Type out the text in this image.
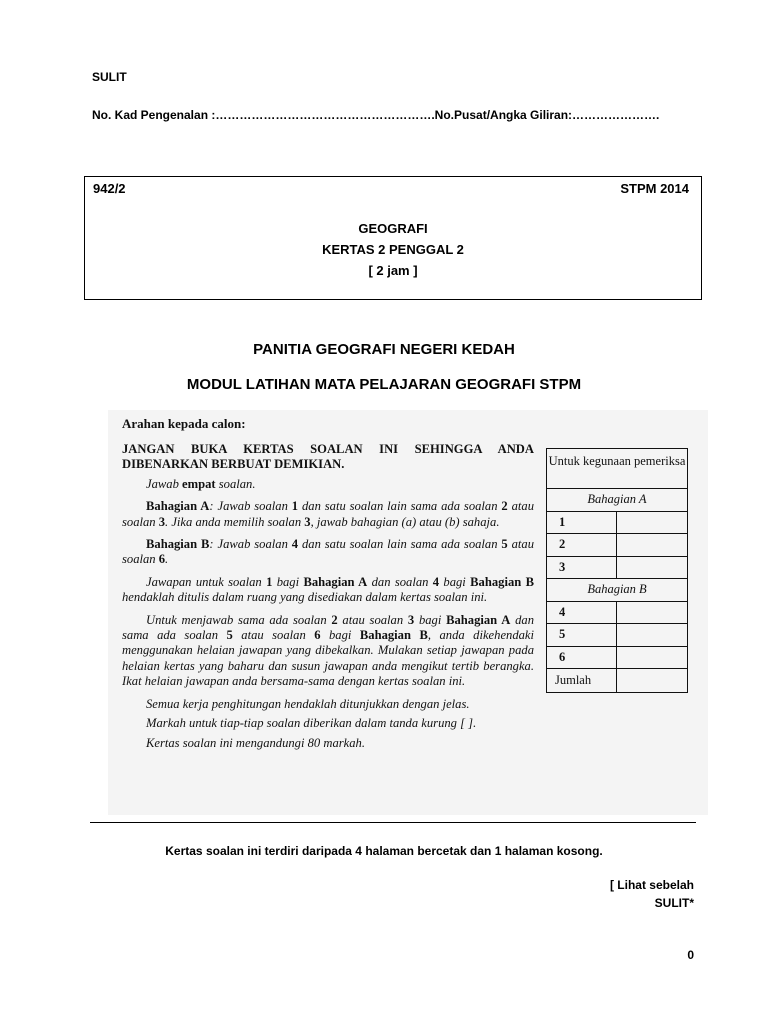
SULIT
No. Kad Pengenalan :……………………………………………….No.Pusat/Angka Giliran:………………….
942/2	STPM 2014
GEOGRAFI
KERTAS 2 PENGGAL 2
[ 2 jam ]
PANITIA GEOGRAFI NEGERI KEDAH
MODUL LATIHAN MATA PELAJARAN GEOGRAFI STPM
Arahan kepada calon:

JANGAN BUKA KERTAS SOALAN INI SEHINGGA ANDA DIBENARKAN BERBUAT DEMIKIAN.

Jawab empat soalan.

Bahagian A: Jawab soalan 1 dan satu soalan lain sama ada soalan 2 atau soalan 3. Jika anda memilih soalan 3, jawab bahagian (a) atau (b) sahaja.

Bahagian B: Jawab soalan 4 dan satu soalan lain sama ada soalan 5 atau soalan 6.

Jawapan untuk soalan 1 bagi Bahagian A dan soalan 4 bagi Bahagian B hendaklah ditulis dalam ruang yang disediakan dalam kertas soalan ini.

Untuk menjawab sama ada soalan 2 atau soalan 3 bagi Bahagian A dan sama ada soalan 5 atau soalan 6 bagi Bahagian B, anda dikehendaki menggunakan helaian jawapan yang dibekalkan. Mulakan setiap jawapan pada helaian kertas yang baharu dan susun jawapan anda mengikut tertib berangka. Ikat helaian jawapan anda bersama-sama dengan kertas soalan ini.

Semua kerja penghitungan hendaklah ditunjukkan dengan jelas.

Markah untuk tiap-tiap soalan diberikan dalam tanda kurung [ ].

Kertas soalan ini mengandungi 80 markah.

Untuk kegunaan pemeriksa
Bahagian A
1
2
3
Bahagian B
4
5
6
Jumlah
Kertas soalan ini terdiri daripada 4 halaman bercetak dan 1 halaman kosong.
[ Lihat sebelah
SULIT*
0
